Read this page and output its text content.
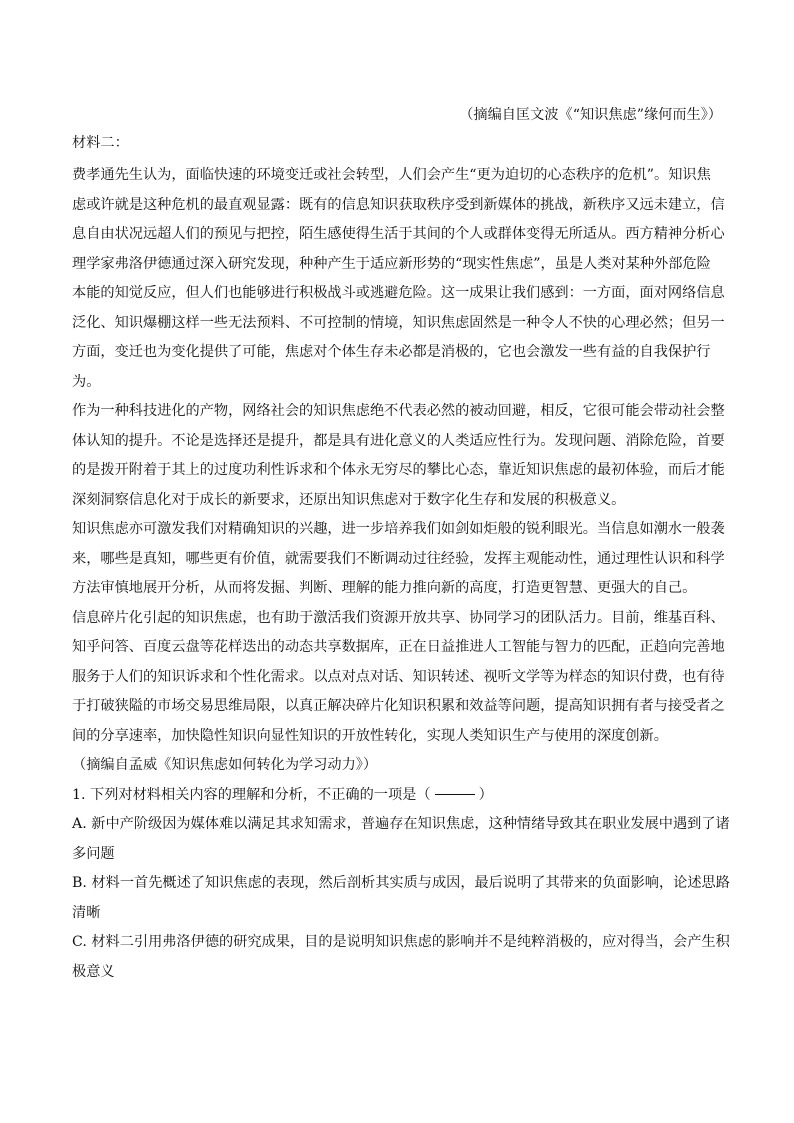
（摘编自匡文波《“知识焦虑”缘何而生》）
材料二：
费孝通先生认为，面临快速的环境变迁或社会转型，人们会产生“更为迫切的心态秩序的危机”。知识焦
虑或许就是这种危机的最直观显露：既有的信息知识获取秩序受到新媒体的挑战，新秩序又远未建立，信
息自由状况远超人们的预见与把控，陌生感使得生活于其间的个人或群体变得无所适从。西方精神分析心
理学家弗洛伊德通过深入研究发现，种种产生于适应新形势的“现实性焦虑”，虽是人类对某种外部危险
本能的知觉反应，但人们也能够进行积极战斗或逃避危险。这一成果让我们感到：一方面，面对网络信息
泛化、知识爆棚这样一些无法预料、不可控制的情境，知识焦虑固然是一种令人不快的心理必然；但另一
方面，变迁也为变化提供了可能，焦虑对个体生存未必都是消极的，它也会激发一些有益的自我保护行
为。
作为一种科技进化的产物，网络社会的知识焦虑绝不代表必然的被动回避，相反，它很可能会带动社会整
体认知的提升。不论是选择还是提升，都是具有进化意义的人类适应性行为。发现问题、消除危险，首要
的是拨开附着于其上的过度功利性诉求和个体永无穷尽的攀比心态，靠近知识焦虑的最初体验，而后才能
深刻洞察信息化对于成长的新要求，还原出知识焦虑对于数字化生存和发展的积极意义。
知识焦虑亦可激发我们对精确知识的兴趣，进一步培养我们如剑如炬般的锐利眼光。当信息如潮水一般袭
来，哪些是真知，哪些更有价值，就需要我们不断调动过往经验，发挥主观能动性，通过理性认识和科学
方法审慎地展开分析，从而将发掘、判断、理解的能力推向新的高度，打造更智慧、更强大的自己。
信息碎片化引起的知识焦虑，也有助于激活我们资源开放共享、协同学习的团队活力。目前，维基百科、
知乎问答、百度云盘等花样迭出的动态共享数据库，正在日益推进人工智能与智力的匹配，正趋向完善地
服务于人们的知识诉求和个性化需求。以点对点对话、知识转述、视听文学等为样态的知识付费，也有待
于打破狭隘的市场交易思维局限，以真正解决碎片化知识积累和效益等问题，提高知识拥有者与接受者之
间的分享速率，加快隐性知识向显性知识的开放性转化，实现人类知识生产与使用的深度创新。
（摘编自孟威《知识焦虑如何转化为学习动力》）
1. 下列对材料相关内容的理解和分析，不正确的一项是（	）
A. 新中产阶级因为媒体难以满足其求知需求，普遍存在知识焦虑，这种情绪导致其在职业发展中遇到了诸
多问题
B. 材料一首先概述了知识焦虑的表现，然后剖析其实质与成因，最后说明了其带来的负面影响，论述思路
清晰
C. 材料二引用弗洛伊德的研究成果，目的是说明知识焦虑的影响并不是纯粹消极的，应对得当，会产生积
极意义
